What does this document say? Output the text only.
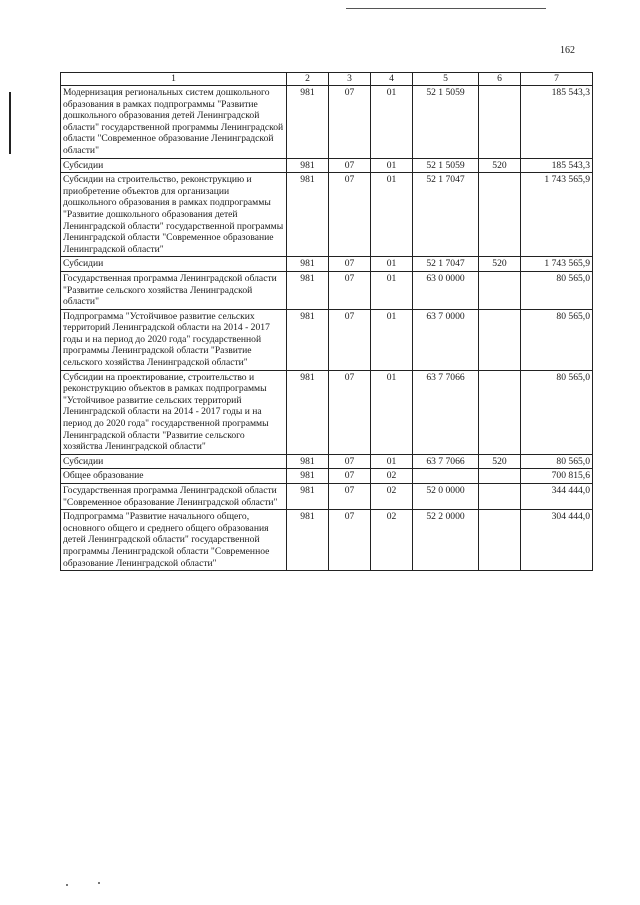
162
1	2	3	4	5	6	7
Модернизация региональных систем дошкольного образования в рамках подпрограммы "Развитие дошкольного образования детей Ленинградской области" государственной программы Ленинградской области "Современное образование Ленинградской области"	981	07	01	52 1 5059		185 543,3
Субсидии	981	07	01	52 1 5059	520	185 543,3
Субсидии на строительство, реконструкцию и приобретение объектов для организации дошкольного образования в рамках подпрограммы "Развитие дошкольного образования детей Ленинградской области" государственной программы Ленинградской области "Современное образование Ленинградской области"	981	07	01	52 1 7047		1 743 565,9
Субсидии	981	07	01	52 1 7047	520	1 743 565,9
Государственная программа Ленинградской области "Развитие сельского хозяйства Ленинградской области"	981	07	01	63 0 0000		80 565,0
Подпрограмма "Устойчивое развитие сельских территорий Ленинградской области на 2014 - 2017 годы и на период до 2020 года" государственной программы Ленинградской области "Развитие сельского хозяйства Ленинградской области"	981	07	01	63 7 0000		80 565,0
Субсидии на проектирование, строительство и реконструкцию объектов в рамках подпрограммы "Устойчивое развитие сельских территорий Ленинградской области на 2014 - 2017 годы и на период до 2020 года" государственной программы Ленинградской области "Развитие сельского хозяйства Ленинградской области"	981	07	01	63 7 7066		80 565,0
Субсидии	981	07	01	63 7 7066	520	80 565,0
Общее образование	981	07	02			700 815,6
Государственная программа Ленинградской области "Современное образование Ленинградской области"	981	07	02	52 0 0000		344 444,0
Подпрограмма "Развитие начального общего, основного общего и среднего общего образования детей Ленинградской области" государственной программы Ленинградской области "Современное образование Ленинградской области"	981	07	02	52 2 0000		304 444,0
